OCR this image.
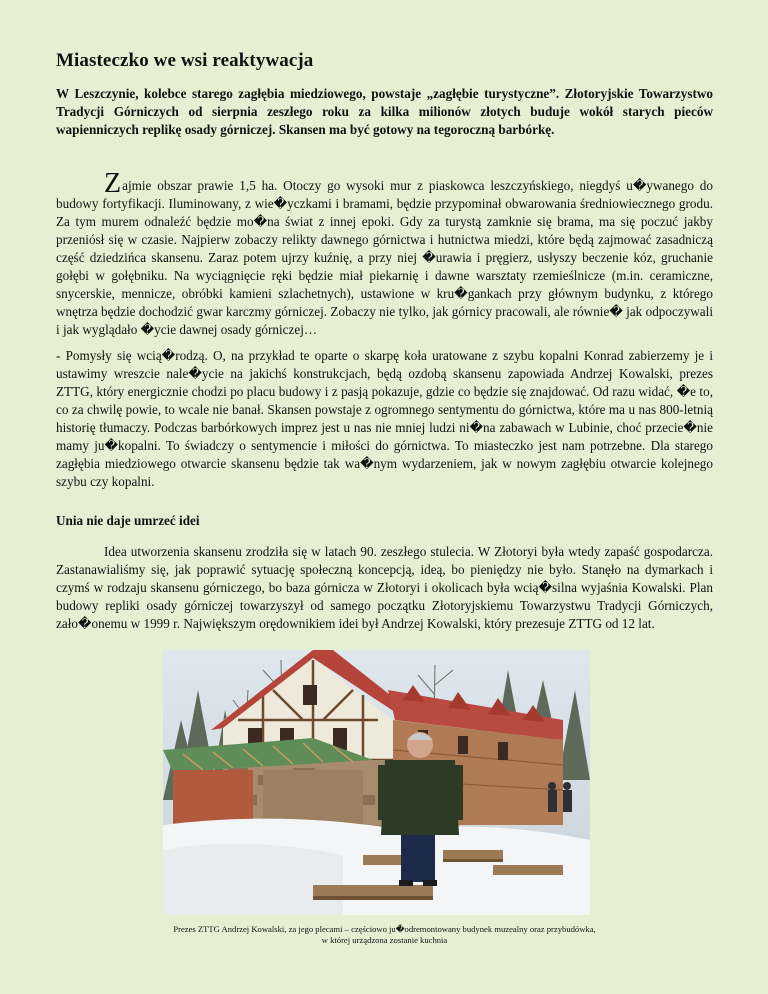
Miasteczko we wsi reaktywacja
W Leszczynie, kolebce starego zagłębia miedziowego, powstaje „zagłębie turystyczne”. Złotoryjskie Towarzystwo Tradycji Górniczych od sierpnia zeszłego roku za kilka milionów złotych buduje wokół starych pieców wapienniczych replikę osady górniczej. Skansen ma być gotowy na tegoroczną barbórkę.
Zajmie obszar prawie 1,5 ha. Otoczy go wysoki mur z piaskowca leszczyńskiego, niegdyś u�ywanego do budowy fortyfikacji. Iluminowany, z wie�yczkami i bramami, będzie przypominał obwarowania średniowiecznego grodu. Za tym murem odnaleźć będzie mo�na świat z innej epoki. Gdy za turystą zamknie się brama, ma się poczuć jakby przeniósł się w czasie. Najpierw zobaczy relikty dawnego górnictwa i hutnictwa miedzi, które będą zajmować zasadniczą część dziedzińca skansenu. Zaraz potem ujrzy kuźnię, a przy niej �urawia i pręgierz, usłyszy beczenie kóz, gruchanie gołębi w gołębniku. Na wyciągnięcie ręki będzie miał piekarnię i dawne warsztaty rzemieślnicze (m.in. ceramiczne, snycerskie, mennicze, obróbki kamieni szlachetnych), ustawione w kru�gankach przy głównym budynku, z którego wnętrza będzie dochodzić gwar karczmy górniczej. Zobaczy nie tylko, jak górnicy pracowali, ale równie� jak odpoczywali i jak wyglądało �ycie dawnej osady górniczej…
- Pomysły się wcią�rodzą. O, na przykład te oparte o skarpę koła uratowane z szybu kopalni Konrad zabierzemy je i ustawimy wreszcie nale�ycie na jakichś konstrukcjach, będą ozdobą skansenu zapowiada Andrzej Kowalski, prezes ZTTG, który energicznie chodzi po placu budowy i z pasją pokazuje, gdzie co będzie się znajdować. Od razu widać, �e to, co za chwilę powie, to wcale nie banał. Skansen powstaje z ogromnego sentymentu do górnictwa, które ma u nas 800-letnią historię tłumaczy. Podczas barbórkowych imprez jest u nas nie mniej ludzi ni�na zabawach w Lubinie, choć przecie�nie mamy ju�kopalni. To świadczy o sentymencie i miłości do górnictwa. To miasteczko jest nam potrzebne. Dla starego zagłębia miedziowego otwarcie skansenu będzie tak wa�nym wydarzeniem, jak w nowym zagłębiu otwarcie kolejnego szybu czy kopalni.
Unia nie daje umrzeć idei
Idea utworzenia skansenu zrodziła się w latach 90. zeszłego stulecia. W Złotoryi była wtedy zapaść gospodarcza. Zastanawialiśmy się, jak poprawić sytuację społeczną koncepcją, ideą, bo pieniędzy nie było. Stanęło na dymarkach i czymś w rodzaju skansenu górniczego, bo baza górnicza w Złotoryi i okolicach była wcią�silna wyjaśnia Kowalski. Plan budowy repliki osady górniczej towarzyszył od samego początku Złotoryjskiemu Towarzystwu Tradycji Górniczych, zało�onemu w 1999 r. Największym orędownikiem idei był Andrzej Kowalski, który prezesuje ZTTG od 12 lat.
Prezes ZTTG Andrzej Kowalski, za jego plecami – częściowo ju�odremontowany budynek muzealny oraz przybudówka,
w której urządzona zostanie kuchnia
